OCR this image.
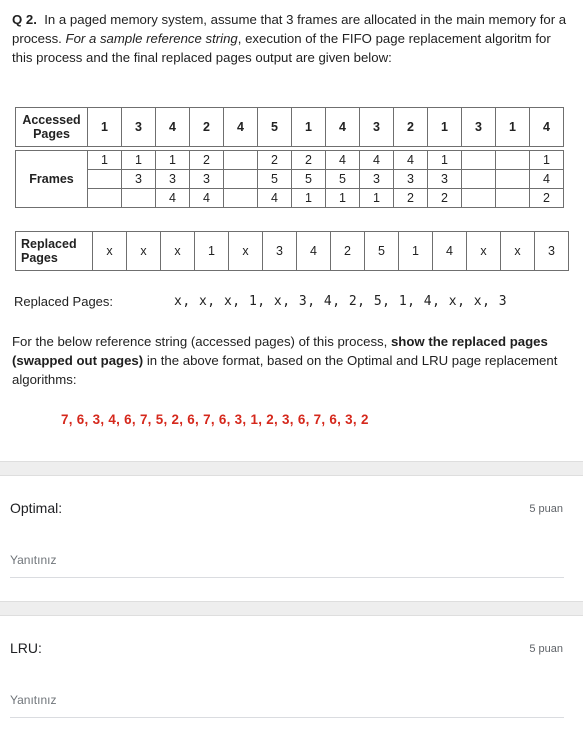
Q 2. In a paged memory system, assume that 3 frames are allocated in the main memory for a process. For a sample reference string, execution of the FIFO page replacement algoritm for this process and the final replaced pages output are given below:
Accessed
Pages	1	3	4	2	4	5	1	4	3	2	1	3	1	4
Frames	1	1	1	2		2	2	4	4	4	1			1
		3	3	3		5	5	5	3	3	3			4
			4	4		4	1	1	1	2	2			2
Replaced
Pages	x	x	x	1	x	3	4	2	5	1	4	x	x	3
Replaced Pages:	x, x, x, 1, x, 3, 4, 2, 5, 1, 4, x, x, 3
For the below reference string (accessed pages) of this process, show the replaced pages (swapped out pages) in the above format, based on the Optimal and LRU page replacement algorithms:
7, 6, 3, 4, 6, 7, 5, 2, 6, 7, 6, 3, 1, 2, 3, 6, 7, 6, 3, 2
Optimal:	5 puan
Yanıtınız
LRU:	5 puan
Yanıtınız
